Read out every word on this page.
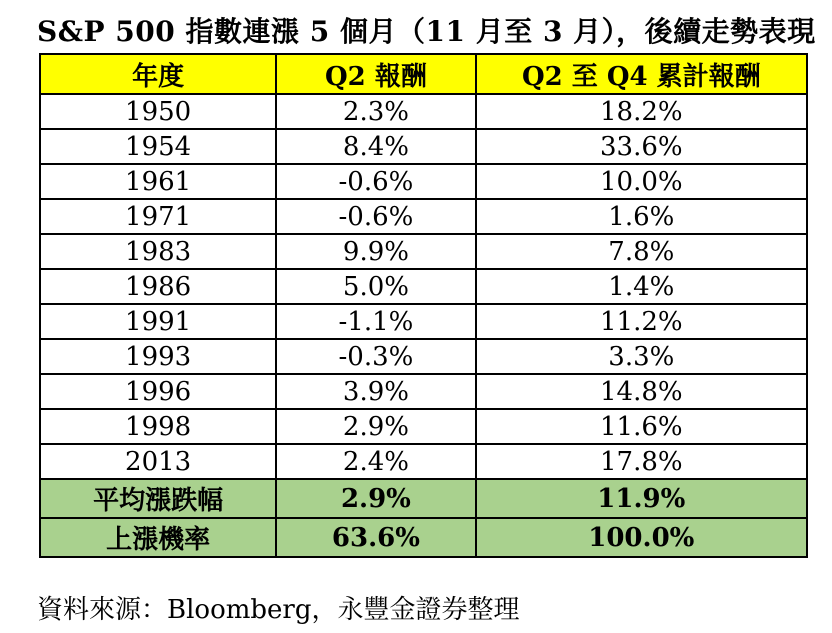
S&P 500 指數連漲 5 個月（11 月至 3 月），後續走勢表現
年度	Q2 報酬	Q2 至 Q4 累計報酬
1950	2.3%	18.2%
1954	8.4%	33.6%
1961	-0.6%	10.0%
1971	-0.6%	1.6%
1983	9.9%	7.8%
1986	5.0%	1.4%
1991	-1.1%	11.2%
1993	-0.3%	3.3%
1996	3.9%	14.8%
1998	2.9%	11.6%
2013	2.4%	17.8%
平均漲跌幅	2.9%	11.9%
上漲機率	63.6%	100.0%
資料來源：Bloomberg，永豐金證券整理
